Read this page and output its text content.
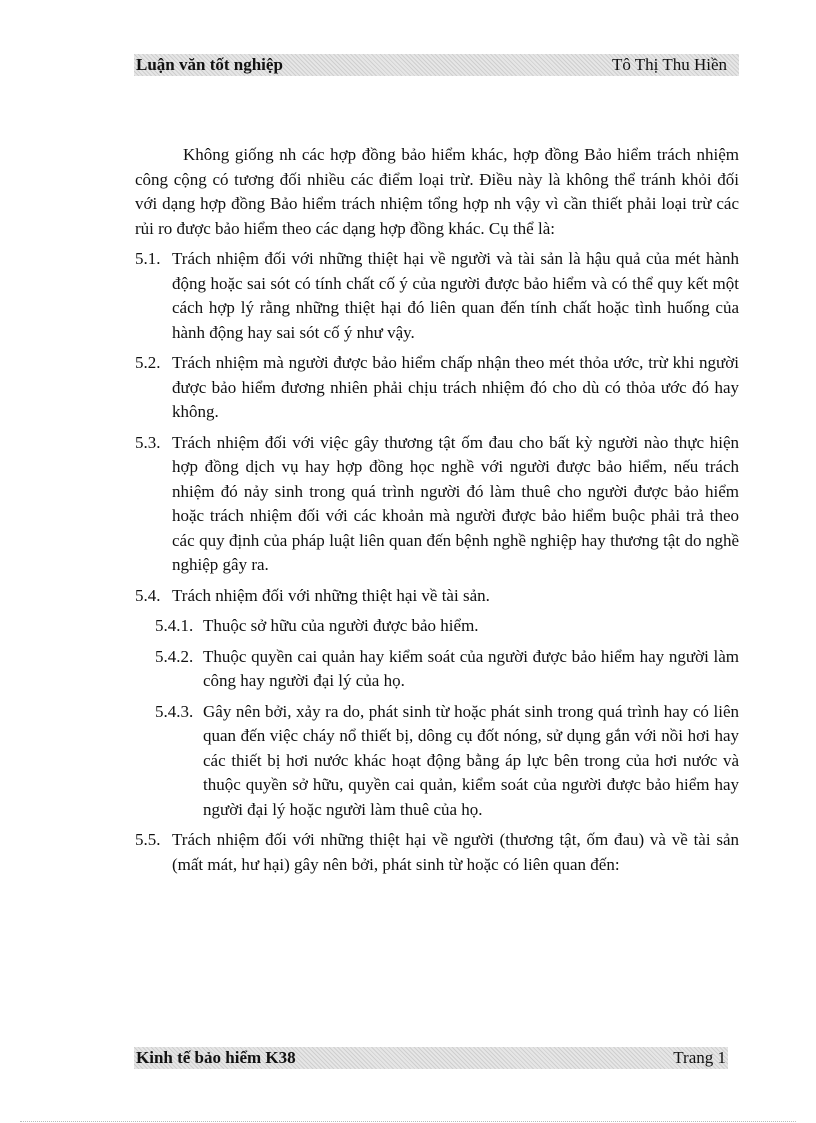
Luận văn tốt nghiệp	Tô Thị Thu Hiền

Không giống nh các hợp đồng bảo hiểm khác, hợp đồng Bảo hiểm trách nhiệm công cộng có tương đối nhiều các điểm loại trừ. Điều này là không thể tránh khỏi đối với dạng hợp đồng Bảo hiểm trách nhiệm tổng hợp nh vậy vì cần thiết phải loại trừ các rủi ro được bảo hiểm theo các dạng hợp đồng khác. Cụ thể là:

5.1. Trách nhiệm đối với những thiệt hại về người và tài sản là hậu quả của mét hành động hoặc sai sót có tính chất cố ý của người được bảo hiểm và có thể quy kết một cách hợp lý rằng những thiệt hại đó liên quan đến tính chất hoặc tình huống của hành động hay sai sót cố ý như vậy.
5.2. Trách nhiệm mà người được bảo hiểm chấp nhận theo mét thỏa ước, trừ khi người được bảo hiểm đương nhiên phải chịu trách nhiệm đó cho dù có thỏa ước đó hay không.
5.3. Trách nhiệm đối với việc gây thương tật ốm đau cho bất kỳ người nào thực hiện hợp đồng dịch vụ hay hợp đồng học nghề với người được bảo hiểm, nếu trách nhiệm đó nảy sinh trong quá trình người đó làm thuê cho người được bảo hiểm hoặc trách nhiệm đối với các khoản mà người được bảo hiểm buộc phải trả theo các quy định của pháp luật liên quan đến bệnh nghề nghiệp hay thương tật do nghề nghiệp gây ra.
5.4. Trách nhiệm đối với những thiệt hại về tài sản.
5.4.1. Thuộc sở hữu của người được bảo hiểm.
5.4.2. Thuộc quyền cai quản hay kiểm soát của người được bảo hiểm hay người làm công hay người đại lý của họ.
5.4.3. Gây nên bởi, xảy ra do, phát sinh từ hoặc phát sinh trong quá trình hay có liên quan đến việc cháy nổ thiết bị, dông cụ đốt nóng, sử dụng gắn với nồi hơi hay các thiết bị hơi nước khác hoạt động bằng áp lực bên trong của hơi nước và thuộc quyền sở hữu, quyền cai quản, kiểm soát của người được bảo hiểm hay người đại lý hoặc người làm thuê của họ.
5.5. Trách nhiệm đối với những thiệt hại về người (thương tật, ốm đau) và về tài sản (mất mát, hư hại) gây nên bởi, phát sinh từ hoặc có liên quan đến:
Kinh tế bảo hiểm K38	Trang 1
